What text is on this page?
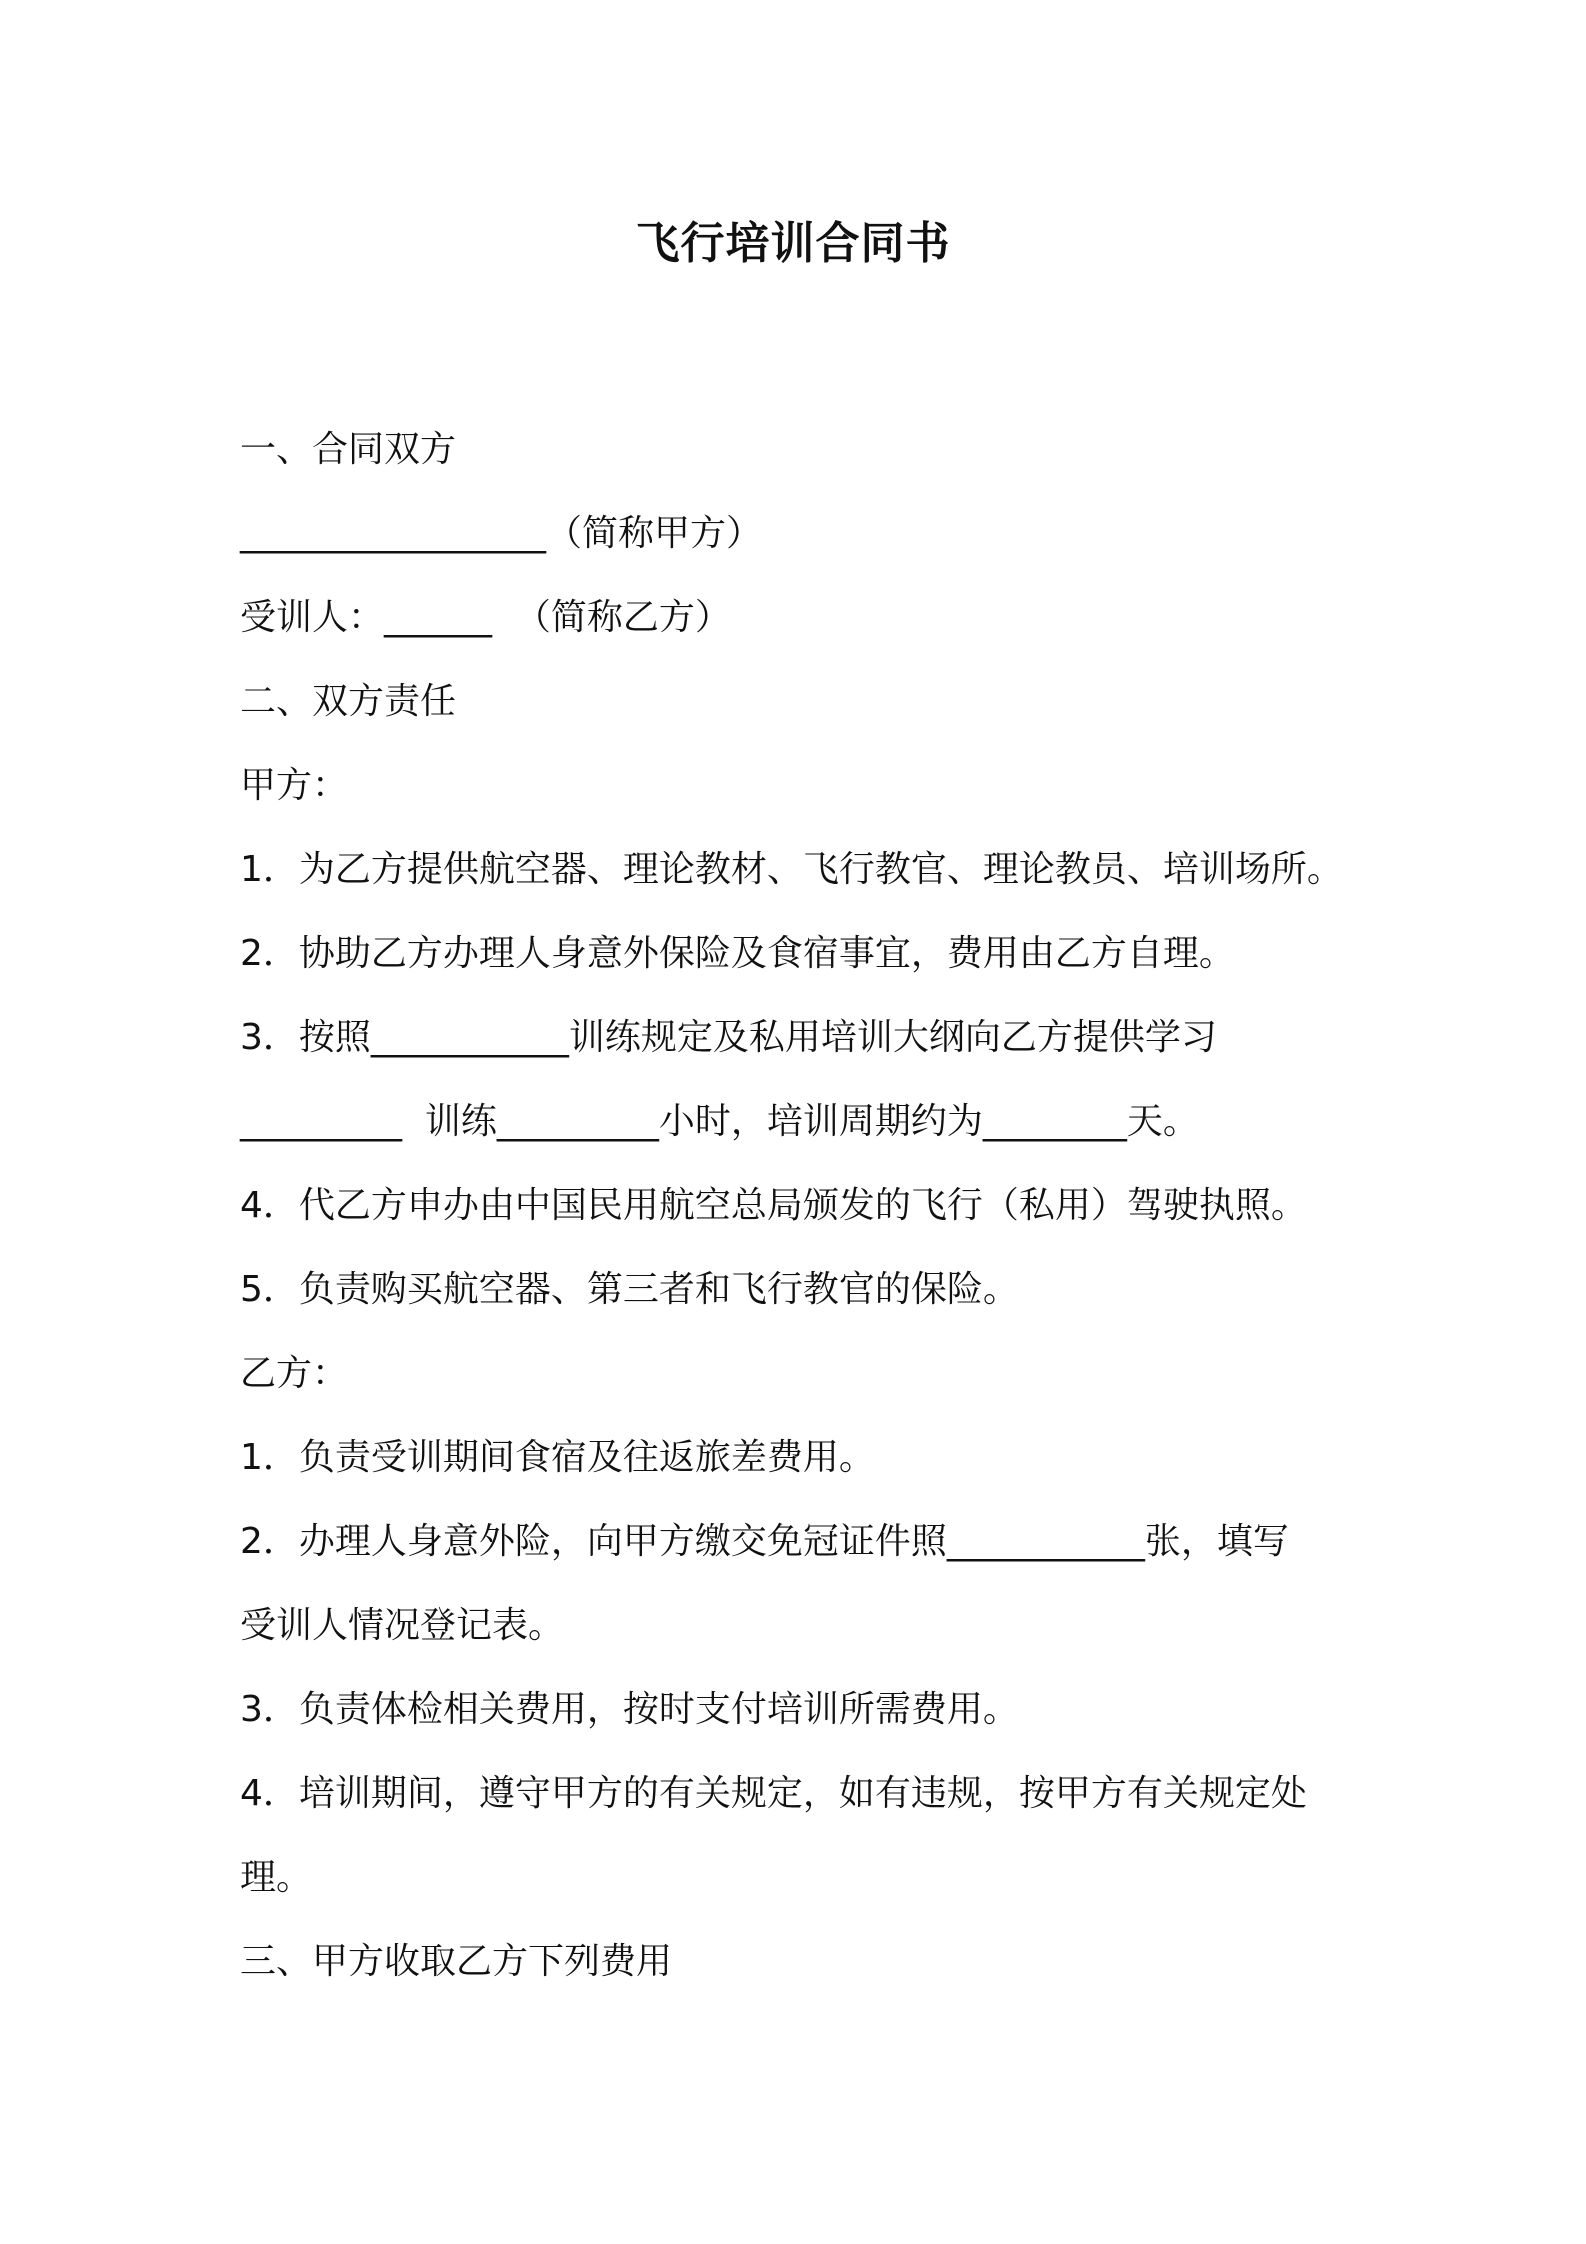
飞行培训合同书
一、合同双方
_________________（简称甲方）
受训人：______  （简称乙方）
二、双方责任
甲方：
1．为乙方提供航空器、理论教材、飞行教官、理论教员、培训场所。
2．协助乙方办理人身意外保险及食宿事宜，费用由乙方自理。
3．按照___________训练规定及私用培训大纲向乙方提供学习
_________  训练_________小时，培训周期约为________天。
4．代乙方申办由中国民用航空总局颁发的飞行（私用）驾驶执照。
5．负责购买航空器、第三者和飞行教官的保险。
乙方：
1．负责受训期间食宿及往返旅差费用。
2．办理人身意外险，向甲方缴交免冠证件照___________张，填写
受训人情况登记表。
3．负责体检相关费用，按时支付培训所需费用。
4．培训期间，遵守甲方的有关规定，如有违规，按甲方有关规定处
理。
三、甲方收取乙方下列费用
